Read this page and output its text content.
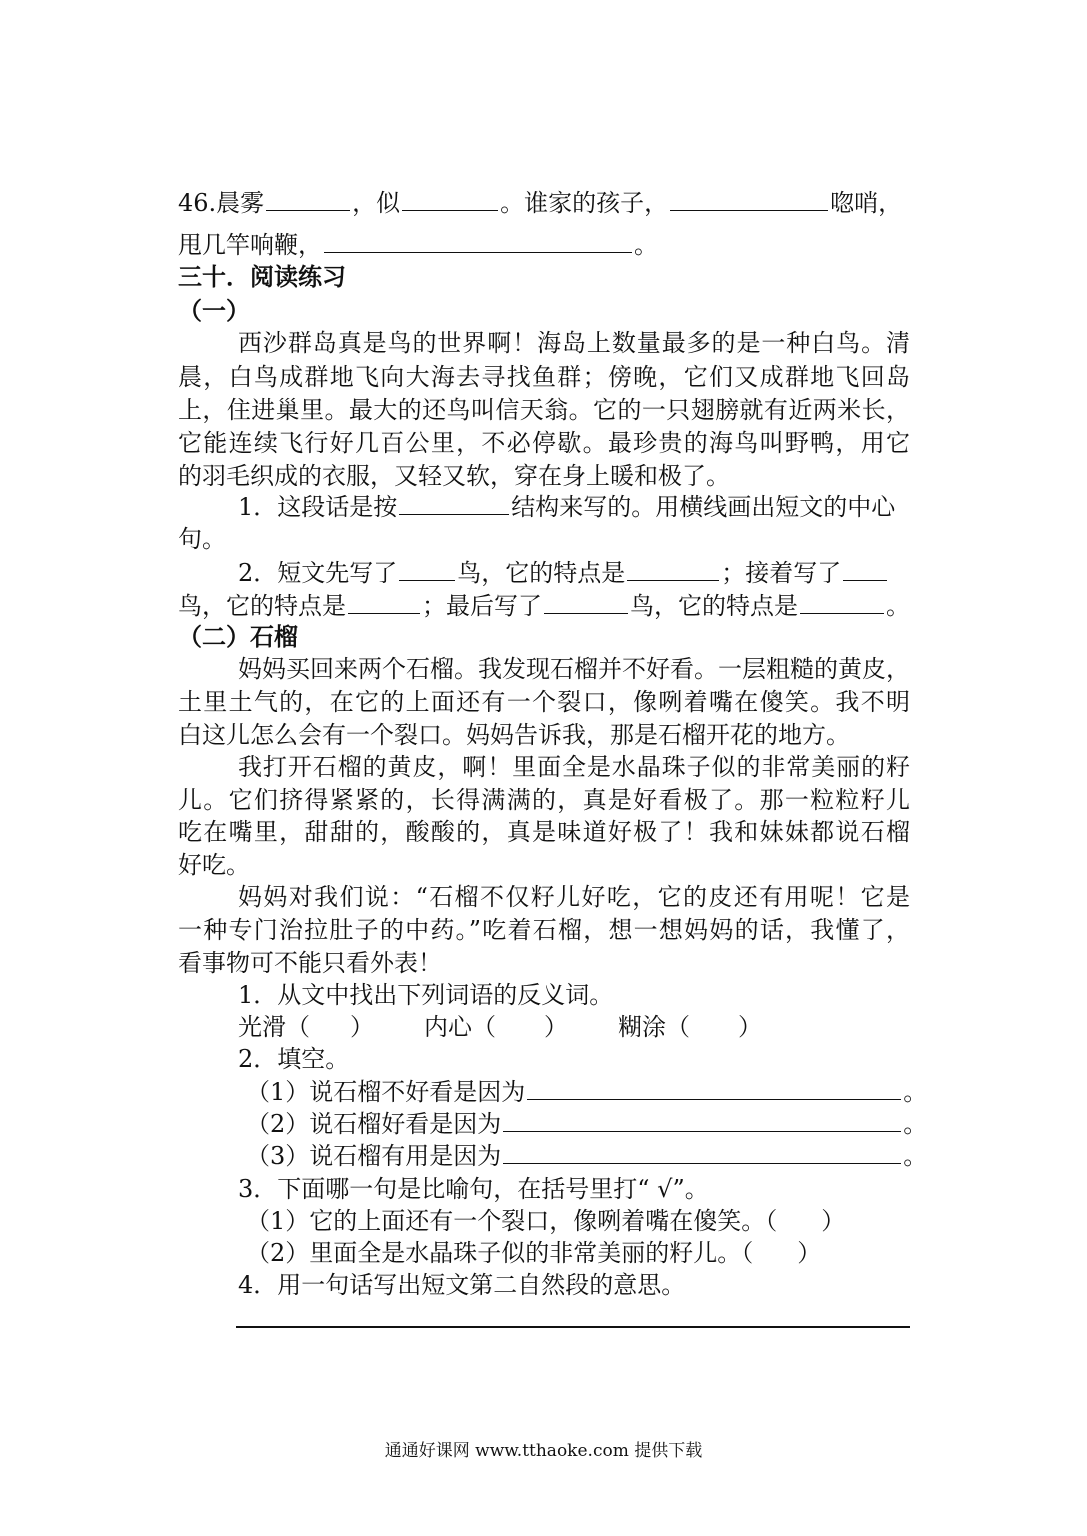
46.晨雾	，似	。谁家的孩子，	唿哨，
甩几竿响鞭，	。
三十．阅读练习
（一）
西沙群岛真是鸟的世界啊！海岛上数量最多的是一种白鸟。清
晨，白鸟成群地飞向大海去寻找鱼群；傍晚，它们又成群地飞回岛
上，住进巢里。最大的还鸟叫信天翁。它的一只翅膀就有近两米长，
它能连续飞行好几百公里，不必停歇。最珍贵的海鸟叫野鸭，用它
的羽毛织成的衣服，又轻又软，穿在身上暖和极了。
1．这段话是按	结构来写的。用横线画出短文的中心
句。
2．短文先写了	鸟，它的特点是	；接着写了
鸟，它的特点是	；最后写了	鸟，它的特点是	。
（二）石榴
妈妈买回来两个石榴。我发现石榴并不好看。一层粗糙的黄皮，
土里土气的，在它的上面还有一个裂口，像咧着嘴在傻笑。我不明
白这儿怎么会有一个裂口。妈妈告诉我，那是石榴开花的地方。
我打开石榴的黄皮，啊！里面全是水晶珠子似的非常美丽的籽
儿。它们挤得紧紧的，长得满满的，真是好看极了。那一粒粒籽儿
吃在嘴里，甜甜的，酸酸的，真是味道好极了！我和妹妹都说石榴
好吃。
妈妈对我们说：“石榴不仅籽儿好吃，它的皮还有用呢！它是
一种专门治拉肚子的中药。”吃着石榴，想一想妈妈的话，我懂了，
看事物可不能只看外表！
1．从文中找出下列词语的反义词。
光滑（ ） 内心（ ） 糊涂（ ）
2．填空。
（1）说石榴不好看是因为	。
（2）说石榴好看是因为	。
（3）说石榴有用是因为	。
3．下面哪一句是比喻句，在括号里打“ √”。
（1）它的上面还有一个裂口，像咧着嘴在傻笑。（ ）
（2）里面全是水晶珠子似的非常美丽的籽儿。（ ）
4．用一句话写出短文第二自然段的意思。
通通好课网 www.tthaoke.com 提供下载
